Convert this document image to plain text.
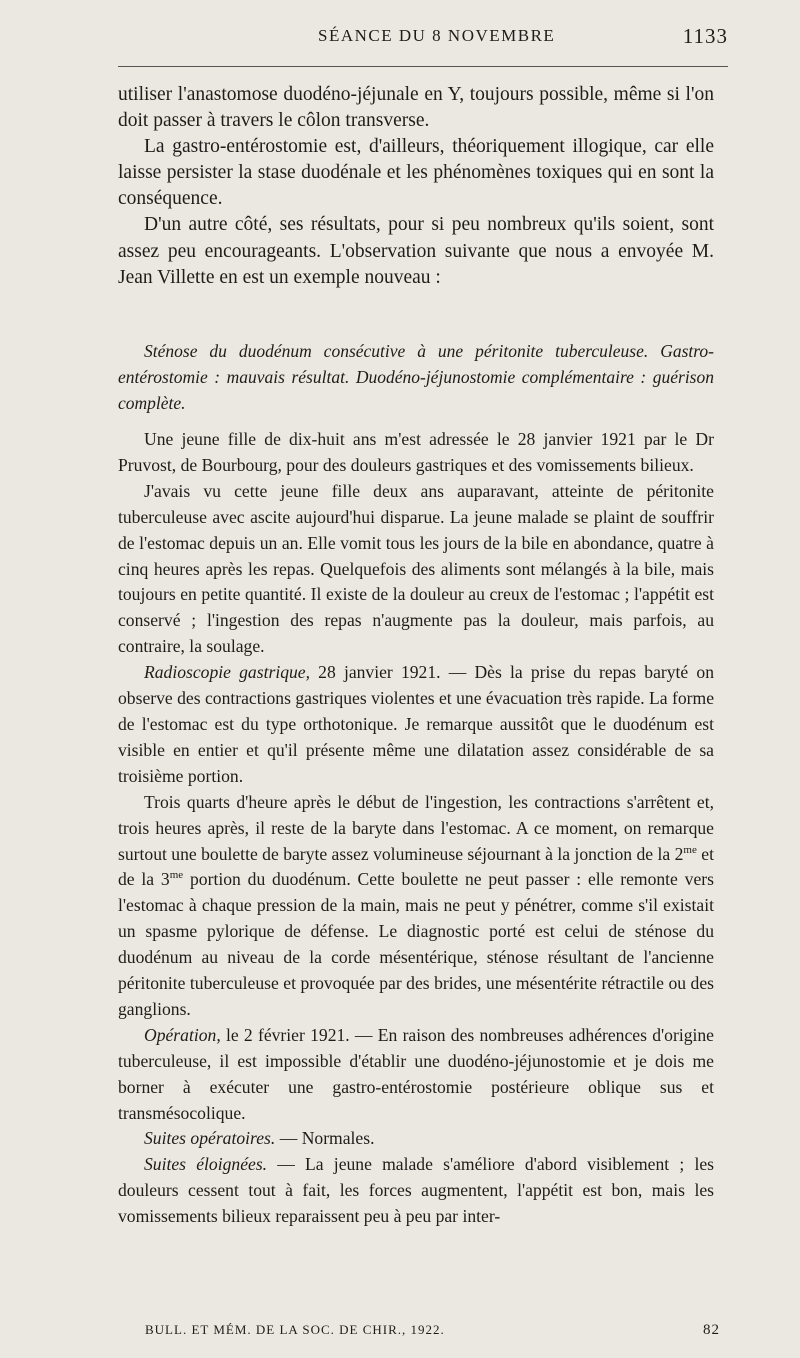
SÉANCE DU 8 NOVEMBRE	1133

utiliser l'anastomose duodéno-jéjunale en Y, toujours possible, même si l'on doit passer à travers le côlon transverse.

La gastro-entérostomie est, d'ailleurs, théoriquement illogique, car elle laisse persister la stase duodénale et les phénomènes toxiques qui en sont la conséquence.

D'un autre côté, ses résultats, pour si peu nombreux qu'ils soient, sont assez peu encourageants. L'observation suivante que nous a envoyée M. Jean Villette en est un exemple nouveau :

Sténose du duodénum consécutive à une péritonite tuberculeuse. Gastro-entérostomie : mauvais résultat. Duodéno-jéjunostomie complémentaire : guérison complète.

Une jeune fille de dix-huit ans m'est adressée le 28 janvier 1921 par le Dr Pruvost, de Bourbourg, pour des douleurs gastriques et des vomissements bilieux.

J'avais vu cette jeune fille deux ans auparavant, atteinte de péritonite tuberculeuse avec ascite aujourd'hui disparue. La jeune malade se plaint de souffrir de l'estomac depuis un an. Elle vomit tous les jours de la bile en abondance, quatre à cinq heures après les repas. Quelquefois des aliments sont mélangés à la bile, mais toujours en petite quantité. Il existe de la douleur au creux de l'estomac ; l'appétit est conservé ; l'ingestion des repas n'augmente pas la douleur, mais parfois, au contraire, la soulage.

Radioscopie gastrique, 28 janvier 1921. — Dès la prise du repas baryté on observe des contractions gastriques violentes et une évacuation très rapide. La forme de l'estomac est du type orthotonique. Je remarque aussitôt que le duodénum est visible en entier et qu'il présente même une dilatation assez considérable de sa troisième portion.

Trois quarts d'heure après le début de l'ingestion, les contractions s'arrêtent et, trois heures après, il reste de la baryte dans l'estomac. A ce moment, on remarque surtout une boulette de baryte assez volumineuse séjournant à la jonction de la $2^{me}$ et de la $3^{me}$ portion du duodénum. Cette boulette ne peut passer : elle remonte vers l'estomac à chaque pression de la main, mais ne peut y pénétrer, comme s'il existait un spasme pylorique de défense. Le diagnostic porté est celui de sténose du duodénum au niveau de la corde mésentérique, sténose résultant de l'ancienne péritonite tuberculeuse et provoquée par des brides, une mésentérite rétractile ou des ganglions.

Opération, le 2 février 1921. — En raison des nombreuses adhérences d'origine tuberculeuse, il est impossible d'établir une duodéno-jéjunostomie et je dois me borner à exécuter une gastro-entérostomie postérieure oblique sus et transmésocolique.

Suites opératoires. — Normales.

Suites éloignées. — La jeune malade s'améliore d'abord visiblement ; les douleurs cessent tout à fait, les forces augmentent, l'appétit est bon, mais les vomissements bilieux reparaissent peu à peu par inter-

BULL. ET MÉM. DE LA SOC. DE CHIR., 1922.	82
